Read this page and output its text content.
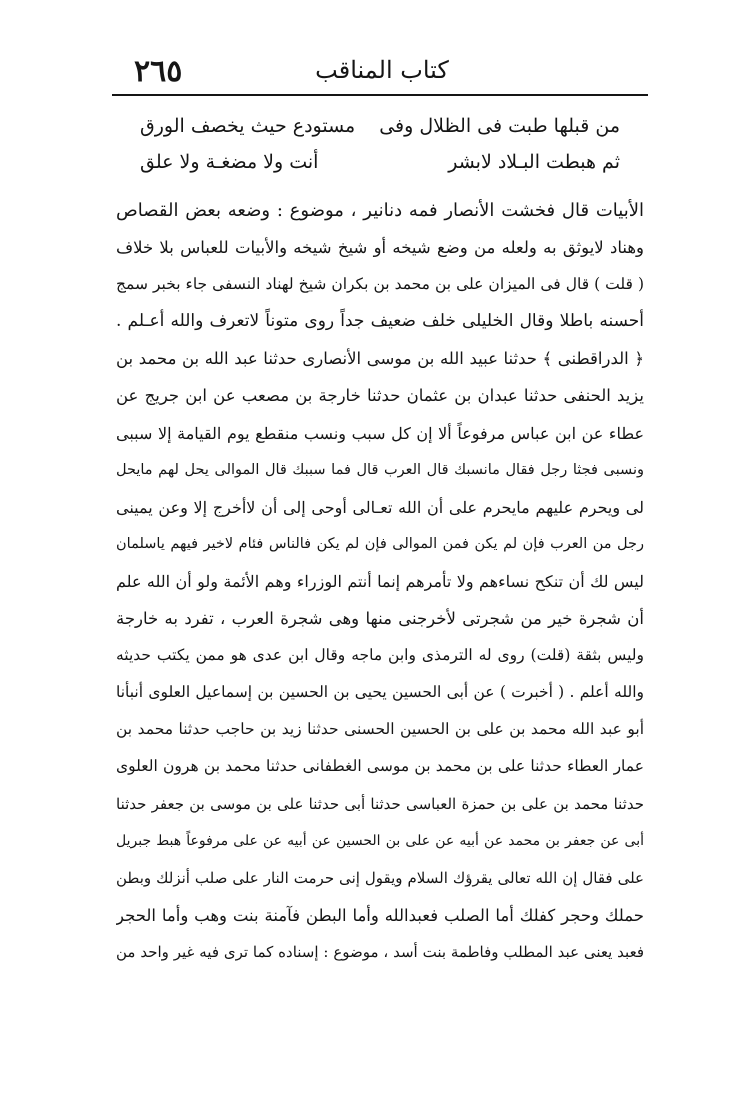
٢٦٥	كتاب المناقب
من قبلها طبت فى الظلال وفى
مستودع حيث يخصف الورق
ثم هبطت البـلاد لابشر
أنت ولا مضغـة ولا علق
الأبيات قال فخشت الأنصار فمه دنانير ، موضوع : وضعه بعض القصاص
وهناد لايوثق به ولعله من وضع شيخه أو شيخ شيخه والأبيات للعباس بلا خلاف
( قلت ) قال فى الميزان على بن محمد بن بكران شيخ لهناد النسفى جاء بخبر سمج
أحسنه باطلا وقال الخليلى خلف ضعيف جداً روى متوناً لاتعرف والله أعـلم .
﴿ الدراقطنى ﴾ حدثنا عبيد الله بن موسى الأنصارى حدثنا عبد الله بن محمد بن
يزيد الحنفى حدثنا عبدان بن عثمان حدثنا خارجة بن مصعب عن ابن جريج عن
عطاء عن ابن عباس مرفوعاً ألا إن كل سبب ونسب منقطع يوم القيامة إلا سببى
ونسبى فجثا رجل فقال مانسبك قال العرب قال فما سببك قال الموالى يحل لهم مايحل
لى ويحرم عليهم مايحرم على أن الله تعـالى أوحى إلى أن لاأخرج إلا وعن يمينى
رجل من العرب فإن لم يكن فمن الموالى فإن لم يكن فالناس فئام لاخير فيهم ياسلمان
ليس لك أن تنكح نساءهم ولا تأمرهم إنما أنتم الوزراء وهم الأئمة ولو أن الله علم
أن شجرة خير من شجرتى لأخرجنى منها وهى شجرة العرب ، تفرد به خارجة
وليس بثقة (قلت) روى له الترمذى وابن ماجه وقال ابن عدى هو ممن يكتب حديثه
والله أعلم . ( أخبرت ) عن أبى الحسين يحيى بن الحسين بن إسماعيل العلوى أنبأنا
أبو عبد الله محمد بن على بن الحسين الحسنى حدثنا زيد بن حاجب حدثنا محمد بن
عمار العطاء حدثنا على بن محمد بن موسى الغطفانى حدثنا محمد بن هرون العلوى
حدثنا محمد بن على بن حمزة العباسى حدثنا أبى حدثنا على بن موسى بن جعفر حدثنا
أبى عن جعفر بن محمد عن أبيه عن على بن الحسين عن أبيه عن على مرفوعاً هبط جبريل
على فقال إن الله تعالى يقرؤك السلام ويقول إنى حرمت النار على صلب أنزلك وبطن
حملك وحجر كفلك أما الصلب فعبدالله وأما البطن فآمنة بنت وهب وأما الحجر
فعبد يعنى عبد المطلب وفاطمة بنت أسد ، موضوع : إسناده كما ترى فيه غير واحد من
